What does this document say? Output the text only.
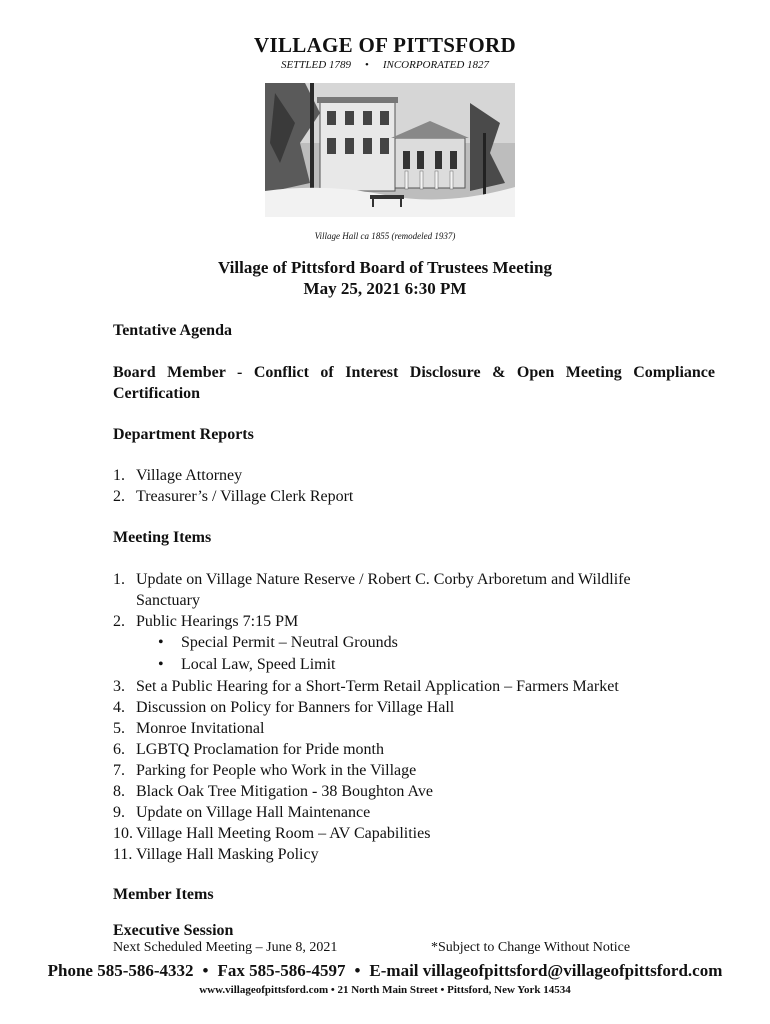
VILLAGE OF PITTSFORD
SETTLED 1789 • INCORPORATED 1827
Village Hall ca 1855 (remodeled 1937)
Village of Pittsford Board of Trustees Meeting
May 25, 2021 6:30 PM
Tentative Agenda
Board Member - Conflict of Interest Disclosure & Open Meeting Compliance Certification
Department Reports
1. Village Attorney
2. Treasurer’s / Village Clerk Report
Meeting Items
1. Update on Village Nature Reserve / Robert C. Corby Arboretum and Wildlife Sanctuary
2. Public Hearings 7:15 PM
• Special Permit – Neutral Grounds
• Local Law, Speed Limit
3. Set a Public Hearing for a Short-Term Retail Application – Farmers Market
4. Discussion on Policy for Banners for Village Hall
5. Monroe Invitational
6. LGBTQ Proclamation for Pride month
7. Parking for People who Work in the Village
8. Black Oak Tree Mitigation - 38 Boughton Ave
9. Update on Village Hall Maintenance
10. Village Hall Meeting Room – AV Capabilities
11. Village Hall Masking Policy
Member Items
Executive Session
Next Scheduled Meeting – June 8, 2021	*Subject to Change Without Notice
Phone 585-586-4332 • Fax 585-586-4597 • E-mail villageofpittsford@villageofpittsford.com
www.villageofpittsford.com • 21 North Main Street • Pittsford, New York 14534
